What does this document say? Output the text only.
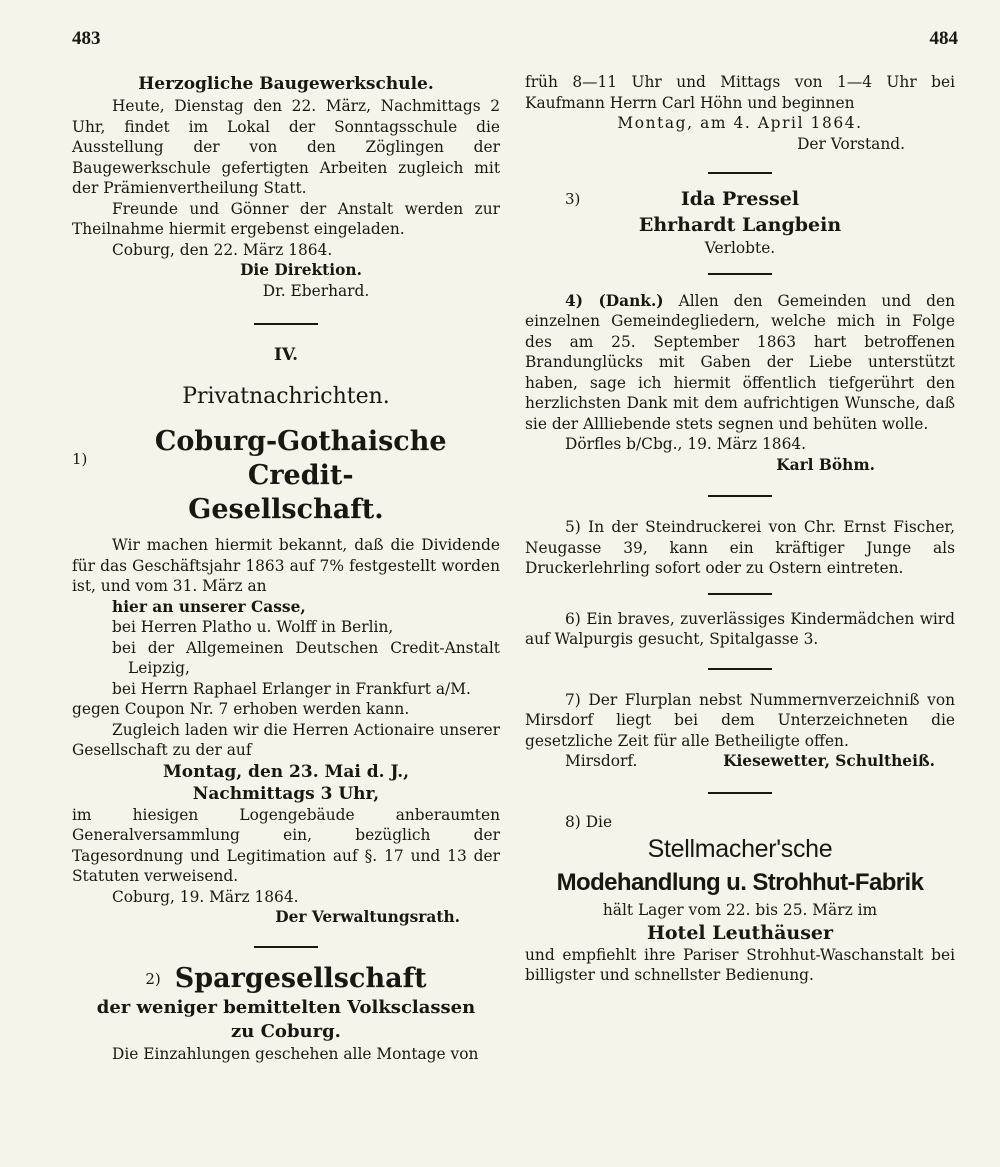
483	484

Herzogliche Baugewerkschule.

Heute, Dienstag den 22. März, Nachmittags 2 Uhr, findet im Lokal der Sonntagsschule die Ausstellung der von den Zöglingen der Baugewerkschule gefertigten Arbeiten zugleich mit der Prämienvertheilung Statt.

Freunde und Gönner der Anstalt werden zur Theilnahme hiermit ergebenst eingeladen.

Coburg, den 22. März 1864.

Die Direktion.

Dr. Eberhard.

IV.

Privatnachrichten.

1)
Coburg-Gothaische Credit-

Gesellschaft.

Wir machen hiermit bekannt, daß die Dividende für das Geschäftsjahr 1863 auf 7% festgestellt worden ist, und vom 31. März an

hier an unserer Casse,

bei Herren Platho u. Wolff in Berlin,

bei der Allgemeinen Deutschen Credit-Anstalt Leipzig,

bei Herrn Raphael Erlanger in Frankfurt a/M.

gegen Coupon Nr. 7 erhoben werden kann.

Zugleich laden wir die Herren Actionaire unserer Gesellschaft zu der auf

Montag, den 23. Mai d. J.,

Nachmittags 3 Uhr,

im hiesigen Logengebäude anberaumten Generalversammlung ein, bezüglich der Tagesordnung und Legitimation auf §. 17 und 13 der Statuten verweisend.

Coburg, 19. März 1864.

Der Verwaltungsrath.

2) Spargesellschaft

der weniger bemittelten Volksclassen

zu Coburg.

Die Einzahlungen geschehen alle Montage von

früh 8—11 Uhr und Mittags von 1—4 Uhr bei Kaufmann Herrn Carl Höhn und beginnen

Montag, am 4. April 1864.

Der Vorstand.

3)	Ida Pressel

Ehrhardt Langbein

Verlobte.

4) (Dank.) Allen den Gemeinden und den einzelnen Gemeindegliedern, welche mich in Folge des am 25. September 1863 hart betroffenen Brandunglücks mit Gaben der Liebe unterstützt haben, sage ich hiermit öffentlich tiefgerührt den herzlichsten Dank mit dem aufrichtigen Wunsche, daß sie der Allliebende stets segnen und behüten wolle.

Dörfles b/Cbg., 19. März 1864.

Karl Böhm.

5) In der Steindruckerei von Chr. Ernst Fischer, Neugasse 39, kann ein kräftiger Junge als Druckerlehrling sofort oder zu Ostern eintreten.

6) Ein braves, zuverlässiges Kindermädchen wird auf Walpurgis gesucht, Spitalgasse 3.

7) Der Flurplan nebst Nummernverzeichniß von Mirsdorf liegt bei dem Unterzeichneten die gesetzliche Zeit für alle Betheiligte offen.

Mirsdorf.	Kiesewetter, Schultheiß.

8) Die

Stellmacher'sche

Modehandlung u. Strohhut-Fabrik

hält Lager vom 22. bis 25. März im

Hotel Leuthäuser

und empfiehlt ihre Pariser Strohhut-Waschanstalt bei billigster und schnellster Bedienung.
